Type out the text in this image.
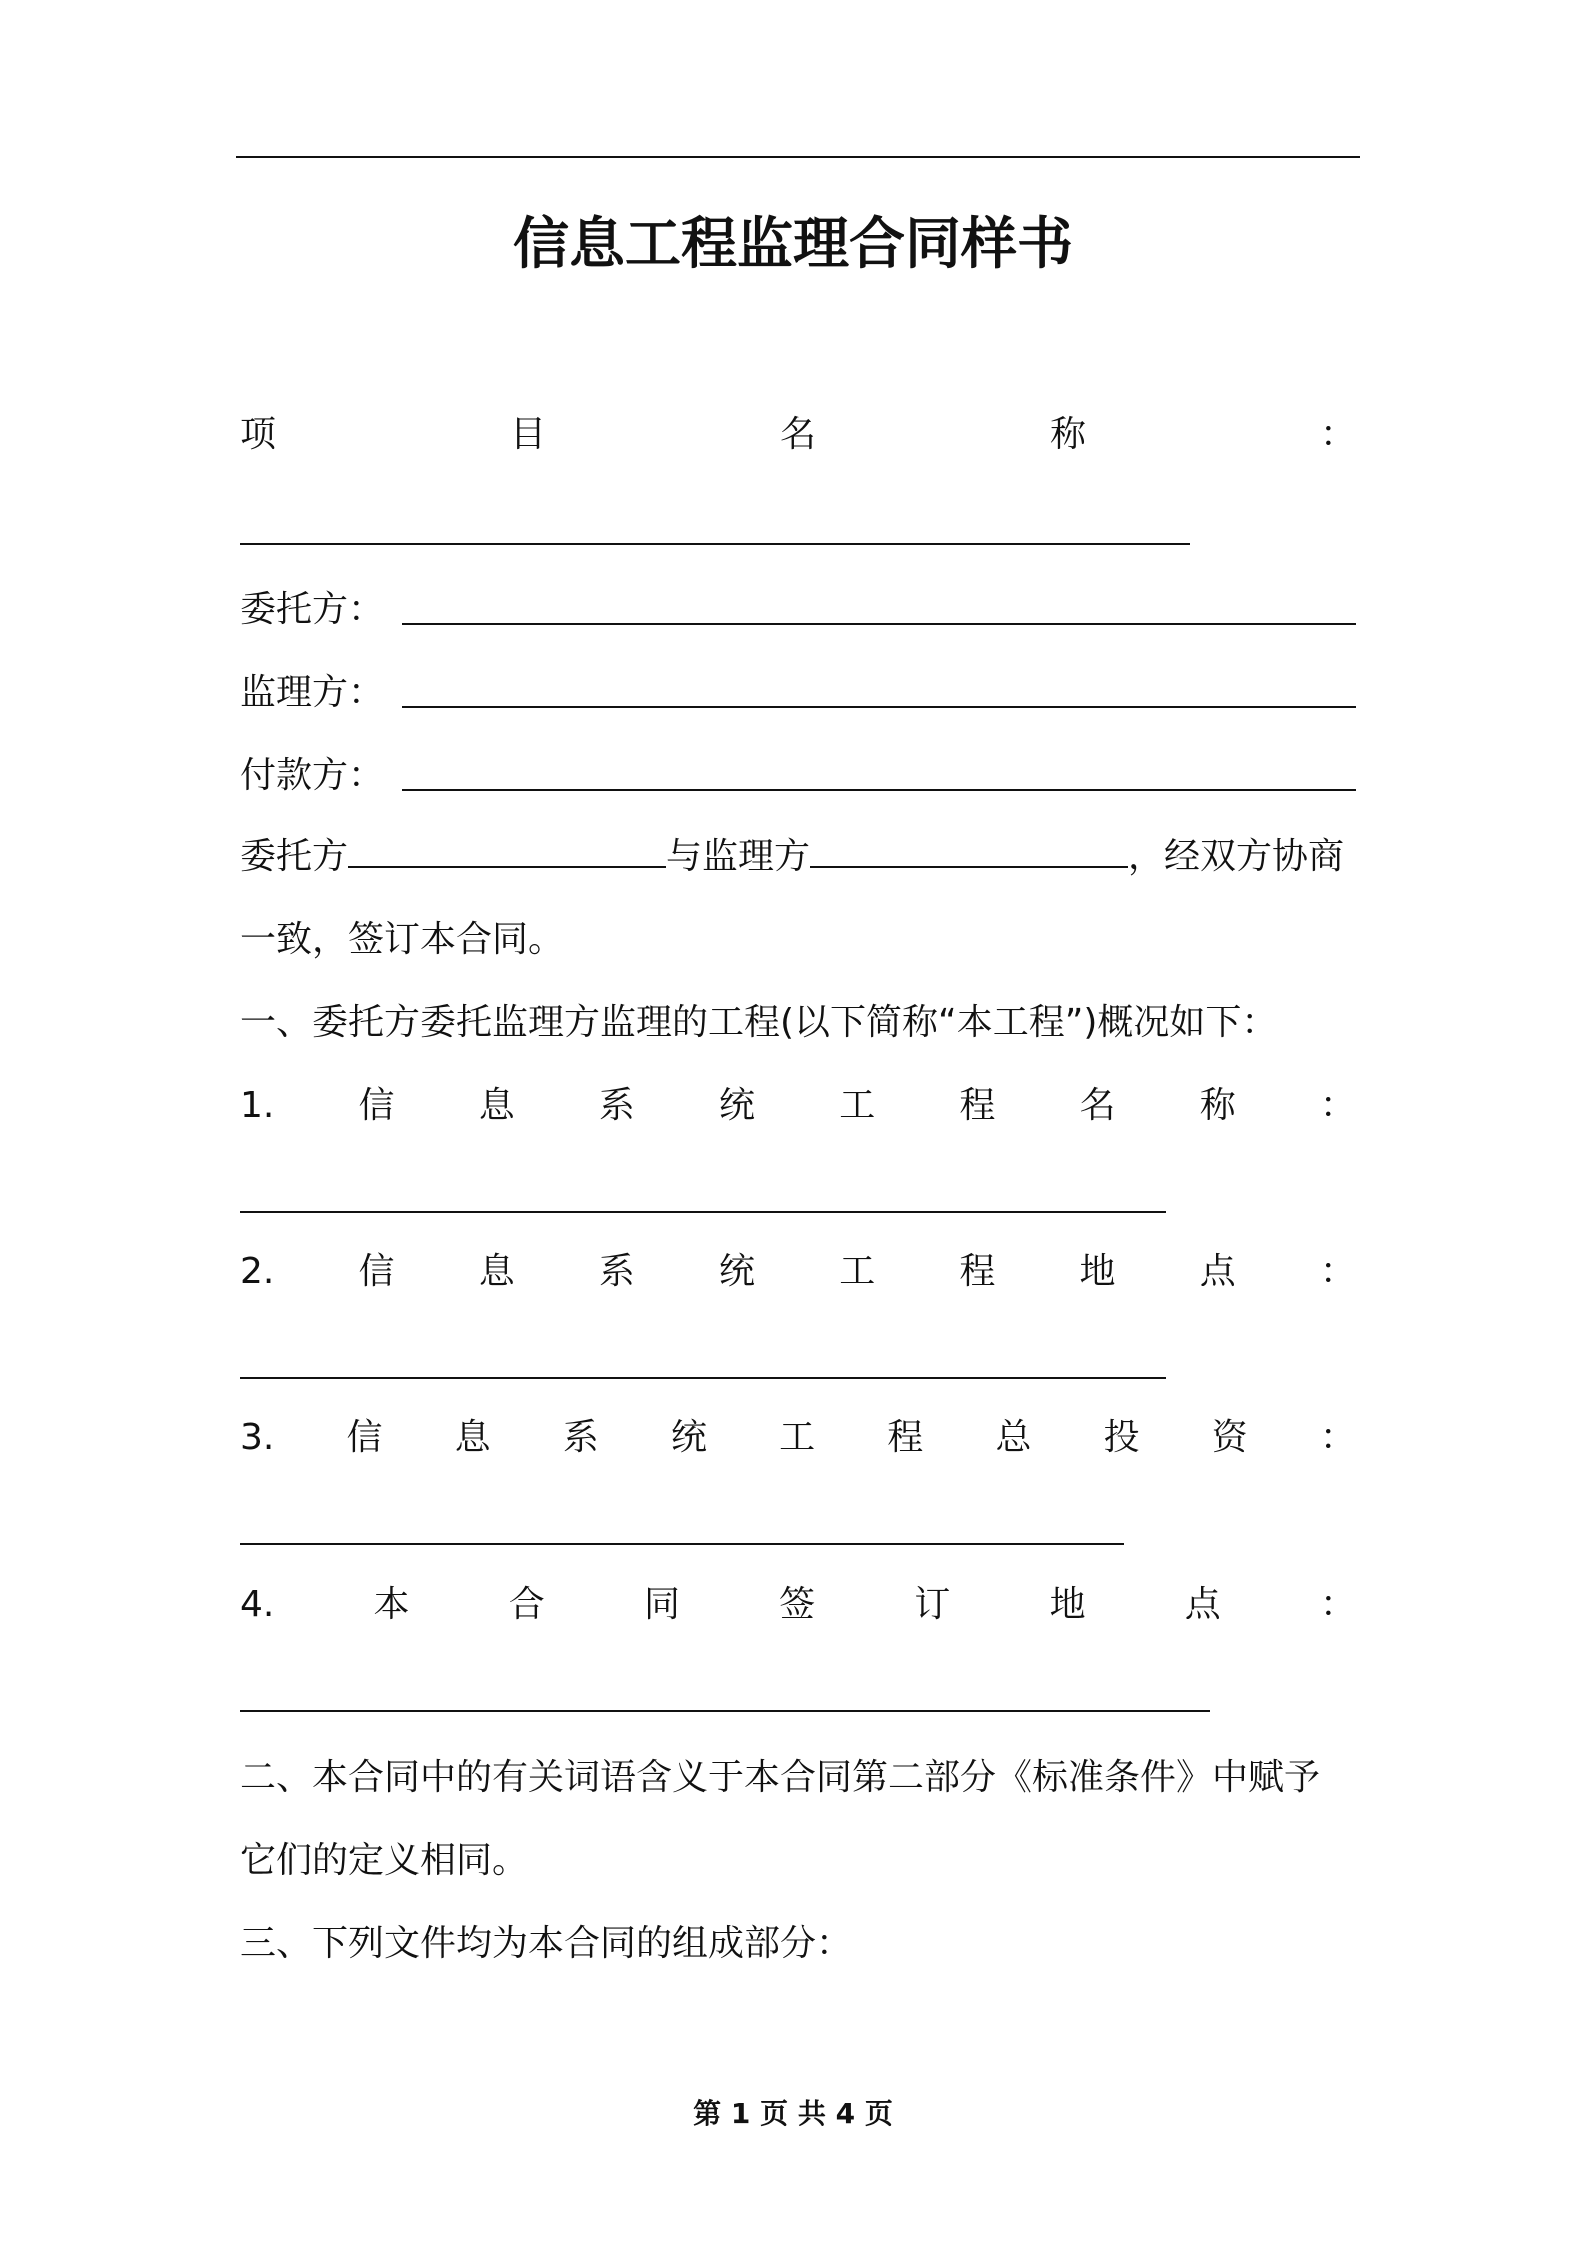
信息工程监理合同样书
项	目	名	称	：
委托方：
监理方：
付款方：
委托方	与监理方	，经双方协商
一致，签订本合同。
一、委托方委托监理方监理的工程(以下简称“本工程”)概况如下：
1. 信 息 系 统 工 程 名 称 ：
2. 信 息 系 统 工 程 地 点 ：
3. 信 息 系 统 工 程 总 投 资 ：
4.	本	合	同	签	订	地	点	：
二、本合同中的有关词语含义于本合同第二部分《标准条件》中赋予
它们的定义相同。
三、下列文件均为本合同的组成部分：
第 1 页 共 4 页
